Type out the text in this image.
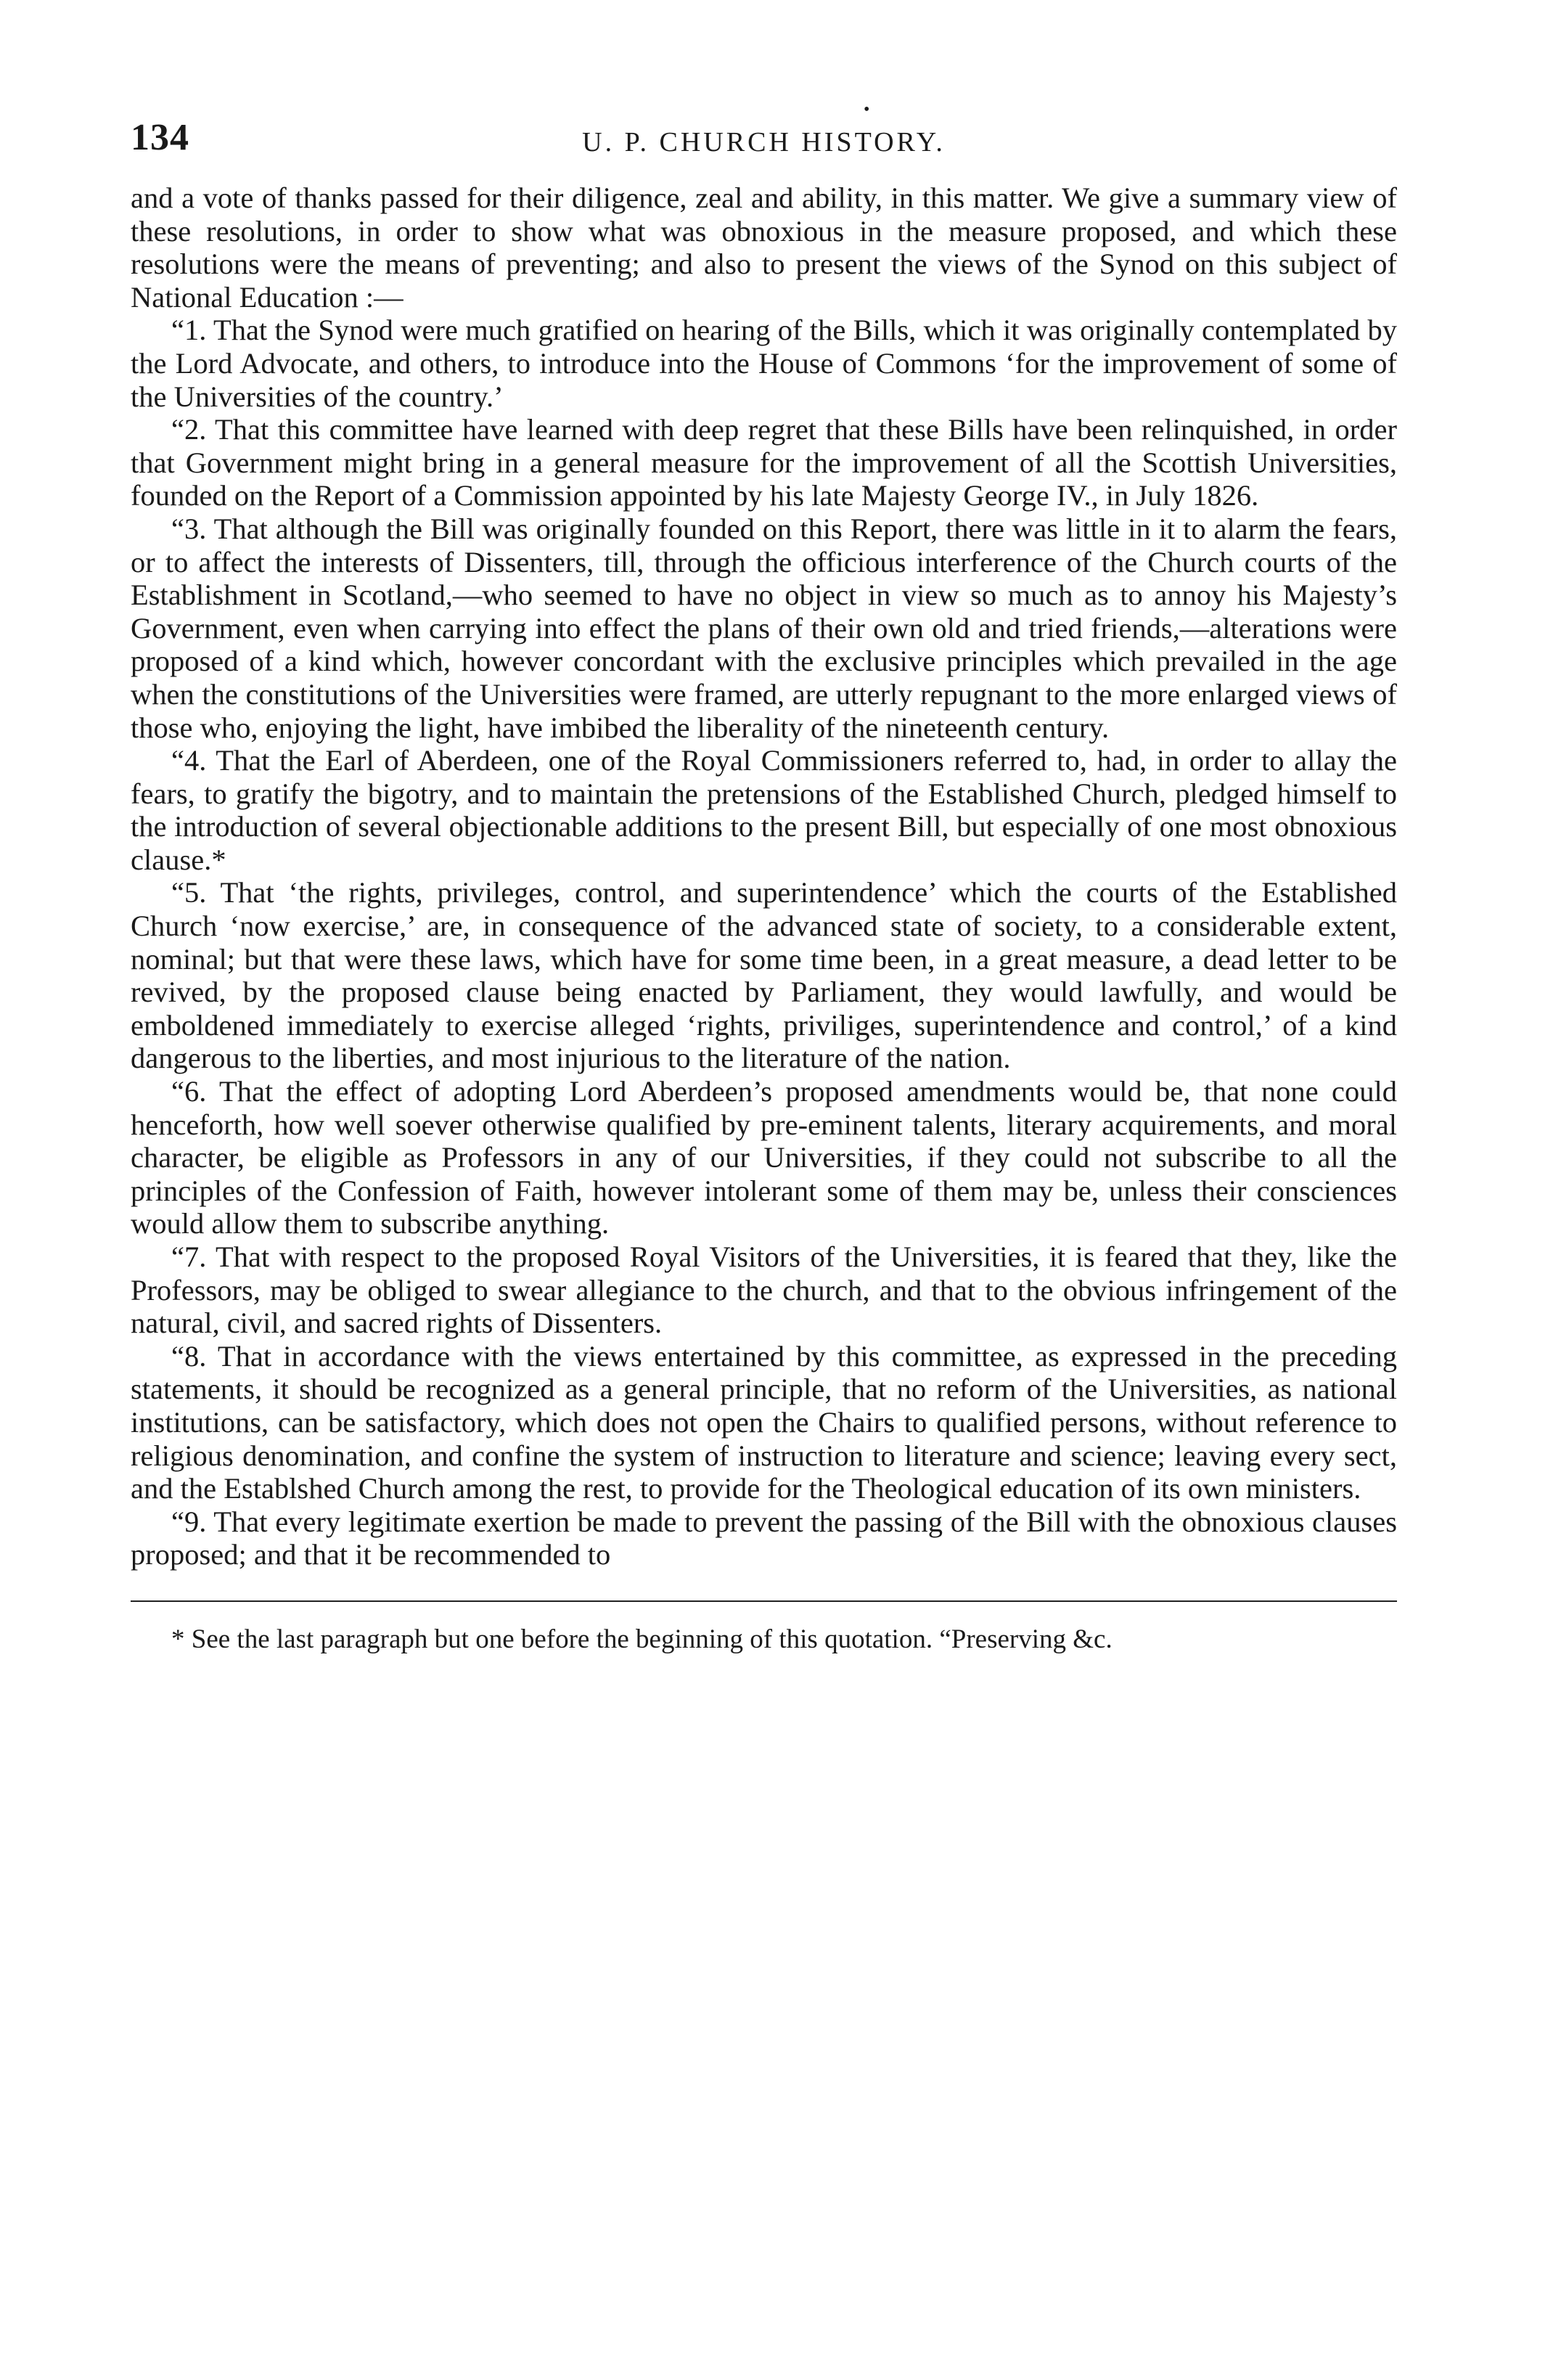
134
•
U. P. CHURCH HISTORY.

and a vote of thanks passed for their diligence, zeal and ability, in this matter. We give a summary view of these resolutions, in order to show what was obnoxious in the measure proposed, and which these resolutions were the means of preventing; and also to present the views of the Synod on this subject of National Education :—

“1. That the Synod were much gratified on hearing of the Bills, which it was originally contemplated by the Lord Advocate, and others, to introduce into the House of Commons ‘for the improvement of some of the Universities of the country.’

“2. That this committee have learned with deep regret that these Bills have been relinquished, in order that Government might bring in a general measure for the improvement of all the Scottish Universities, founded on the Report of a Commission appointed by his late Majesty George IV., in July 1826.

“3. That although the Bill was originally founded on this Report, there was little in it to alarm the fears, or to affect the interests of Dissenters, till, through the officious interference of the Church courts of the Establishment in Scotland,—who seemed to have no object in view so much as to annoy his Majesty’s Government, even when carrying into effect the plans of their own old and tried friends,—alterations were proposed of a kind which, however concordant with the exclusive principles which prevailed in the age when the constitutions of the Universities were framed, are utterly repugnant to the more enlarged views of those who, enjoying the light, have imbibed the liberality of the nineteenth century.

“4. That the Earl of Aberdeen, one of the Royal Commissioners referred to, had, in order to allay the fears, to gratify the bigotry, and to maintain the pretensions of the Established Church, pledged himself to the introduction of several objectionable additions to the present Bill, but especially of one most obnoxious clause.*

“5. That ‘the rights, privileges, control, and superintendence’ which the courts of the Established Church ‘now exercise,’ are, in consequence of the advanced state of society, to a considerable extent, nominal; but that were these laws, which have for some time been, in a great measure, a dead letter to be revived, by the proposed clause being enacted by Parliament, they would lawfully, and would be emboldened immediately to exercise alleged ‘rights, priviliges, superintendence and control,’ of a kind dangerous to the liberties, and most injurious to the literature of the nation.

“6. That the effect of adopting Lord Aberdeen’s proposed amendments would be, that none could henceforth, how well soever otherwise qualified by pre-eminent talents, literary acquirements, and moral character, be eligible as Professors in any of our Universities, if they could not subscribe to all the principles of the Confession of Faith, however intolerant some of them may be, unless their consciences would allow them to subscribe anything.

“7. That with respect to the proposed Royal Visitors of the Universities, it is feared that they, like the Professors, may be obliged to swear allegiance to the church, and that to the obvious infringement of the natural, civil, and sacred rights of Dissenters.

“8. That in accordance with the views entertained by this committee, as expressed in the preceding statements, it should be recognized as a general principle, that no reform of the Universities, as national institutions, can be satisfactory, which does not open the Chairs to qualified persons, without reference to religious denomination, and confine the system of instruction to literature and science; leaving every sect, and the Establshed Church among the rest, to provide for the Theological education of its own ministers.

“9. That every legitimate exertion be made to prevent the passing of the Bill with the obnoxious clauses proposed; and that it be recommended to

* See the last paragraph but one before the beginning of this quotation. “Preserving &c.
